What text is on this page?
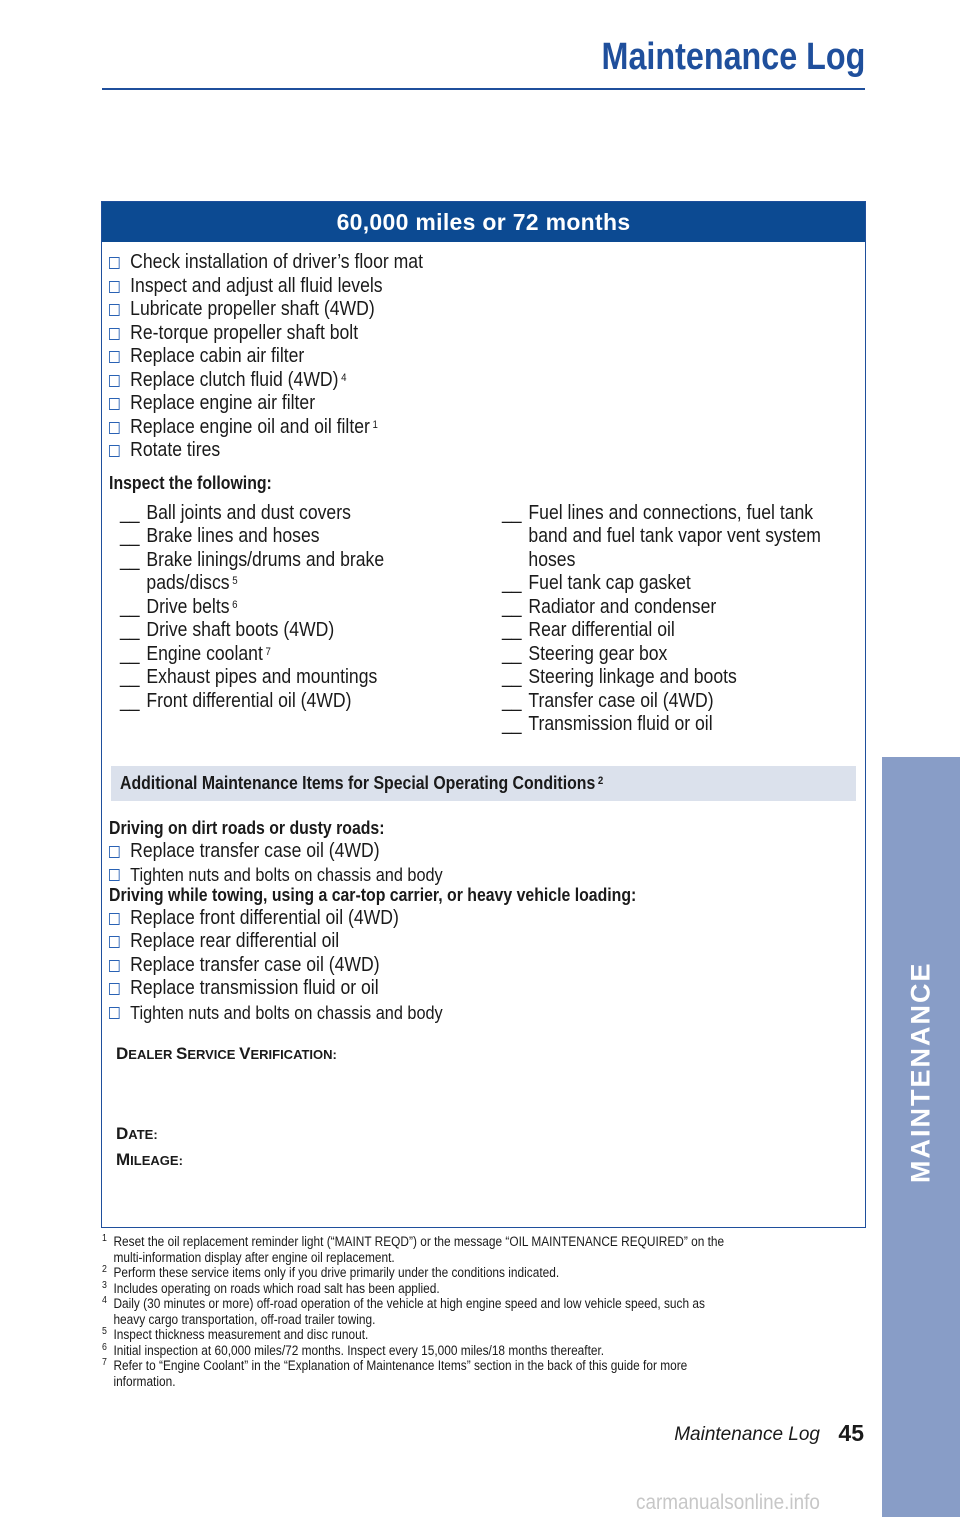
Maintenance Log
60,000 miles or 72 months
Check installation of driver’s floor mat
Inspect and adjust all fluid levels
Lubricate propeller shaft (4WD)
Re-torque propeller shaft bolt
Replace cabin air filter
Replace clutch fluid (4WD) $^4$
Replace engine air filter
Replace engine oil and oil filter $^1$
Rotate tires
Inspect the following:
__ Ball joints and dust covers
__ Brake lines and hoses
__ Brake linings/drums and brake
pads/discs $^5$
__ Drive belts $^6$
__ Drive shaft boots (4WD)
__ Engine coolant $^7$
__ Exhaust pipes and mountings
__ Front differential oil (4WD)
__ Fuel lines and connections, fuel tank
band and fuel tank vapor vent system
hoses
__ Fuel tank cap gasket
__ Radiator and condenser
__ Rear differential oil
__ Steering gear box
__ Steering linkage and boots
__ Transfer case oil (4WD)
__ Transmission fluid or oil
Additional Maintenance Items for Special Operating Conditions $^2$
Driving on dirt roads or dusty roads:
Replace transfer case oil (4WD)
Tighten nuts and bolts on chassis and body

Driving while towing, using a car-top carrier, or heavy vehicle loading:
Replace front differential oil (4WD)
Replace rear differential oil
Replace transfer case oil (4WD)
Replace transmission fluid or oil
Tighten nuts and bolts on chassis and body
DEALER SERVICE VERIFICATION:
DATE:
MILEAGE:
1 Reset the oil replacement reminder light (“MAINT REQD”) or the message “OIL MAINTENANCE REQUIRED” on the
multi-information display after engine oil replacement.
2 Perform these service items only if you drive primarily under the conditions indicated.
3 Includes operating on roads which road salt has been applied.
4 Daily (30 minutes or more) off-road operation of the vehicle at high engine speed and low vehicle speed, such as
heavy cargo transportation, off-road trailer towing.
5 Inspect thickness measurement and disc runout.
6 Initial inspection at 60,000 miles/72 months. Inspect every 15,000 miles/18 months thereafter.
7 Refer to “Engine Coolant” in the “Explanation of Maintenance Items” section in the back of this guide for more
information.
Maintenance Log 45
MAINTENANCE
carmanualsonline.info
